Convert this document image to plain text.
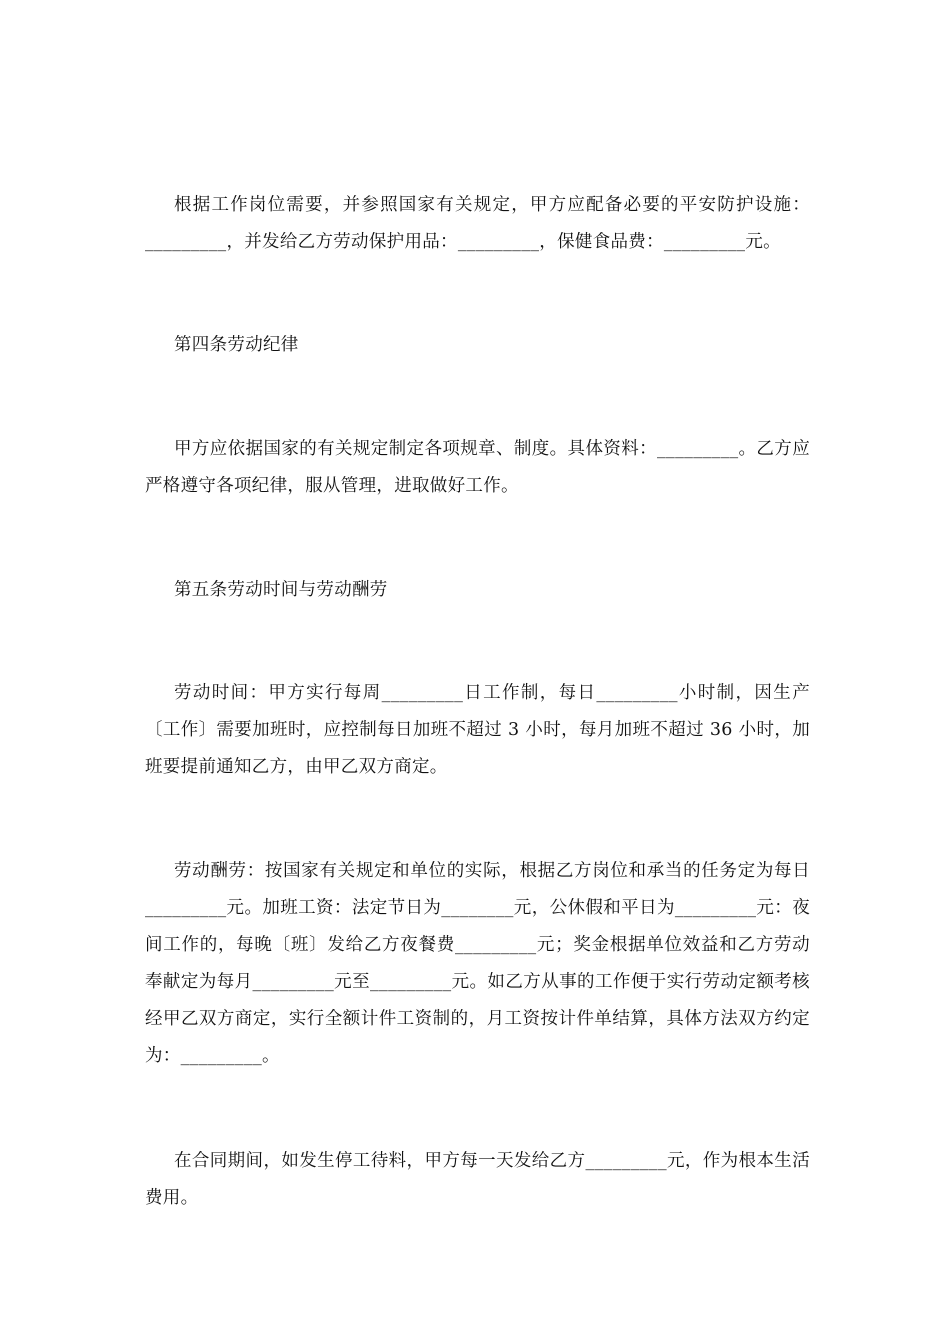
根据工作岗位需要，并参照国家有关规定，甲方应配备必要的平安防护设施：_________，并发给乙方劳动保护用品：_________，保健食品费：_________元。

第四条劳动纪律

甲方应依据国家的有关规定制定各项规章、制度。具体资料：_________。乙方应严格遵守各项纪律，服从管理，进取做好工作。

第五条劳动时间与劳动酬劳

劳动时间：甲方实行每周_________日工作制，每日_________小时制，因生产〔工作〕需要加班时，应控制每日加班不超过 3 小时，每月加班不超过 36 小时，加班要提前通知乙方，由甲乙双方商定。

劳动酬劳：按国家有关规定和单位的实际，根据乙方岗位和承当的任务定为每日_________元。加班工资：法定节日为________元，公休假和平日为_________元：夜间工作的，每晚〔班〕发给乙方夜餐费_________元；奖金根据单位效益和乙方劳动奉献定为每月_________元至_________元。如乙方从事的工作便于实行劳动定额考核经甲乙双方商定，实行全额计件工资制的，月工资按计件单结算，具体方法双方约定为：_________。

在合同期间，如发生停工待料，甲方每一天发给乙方_________元，作为根本生活费用。
